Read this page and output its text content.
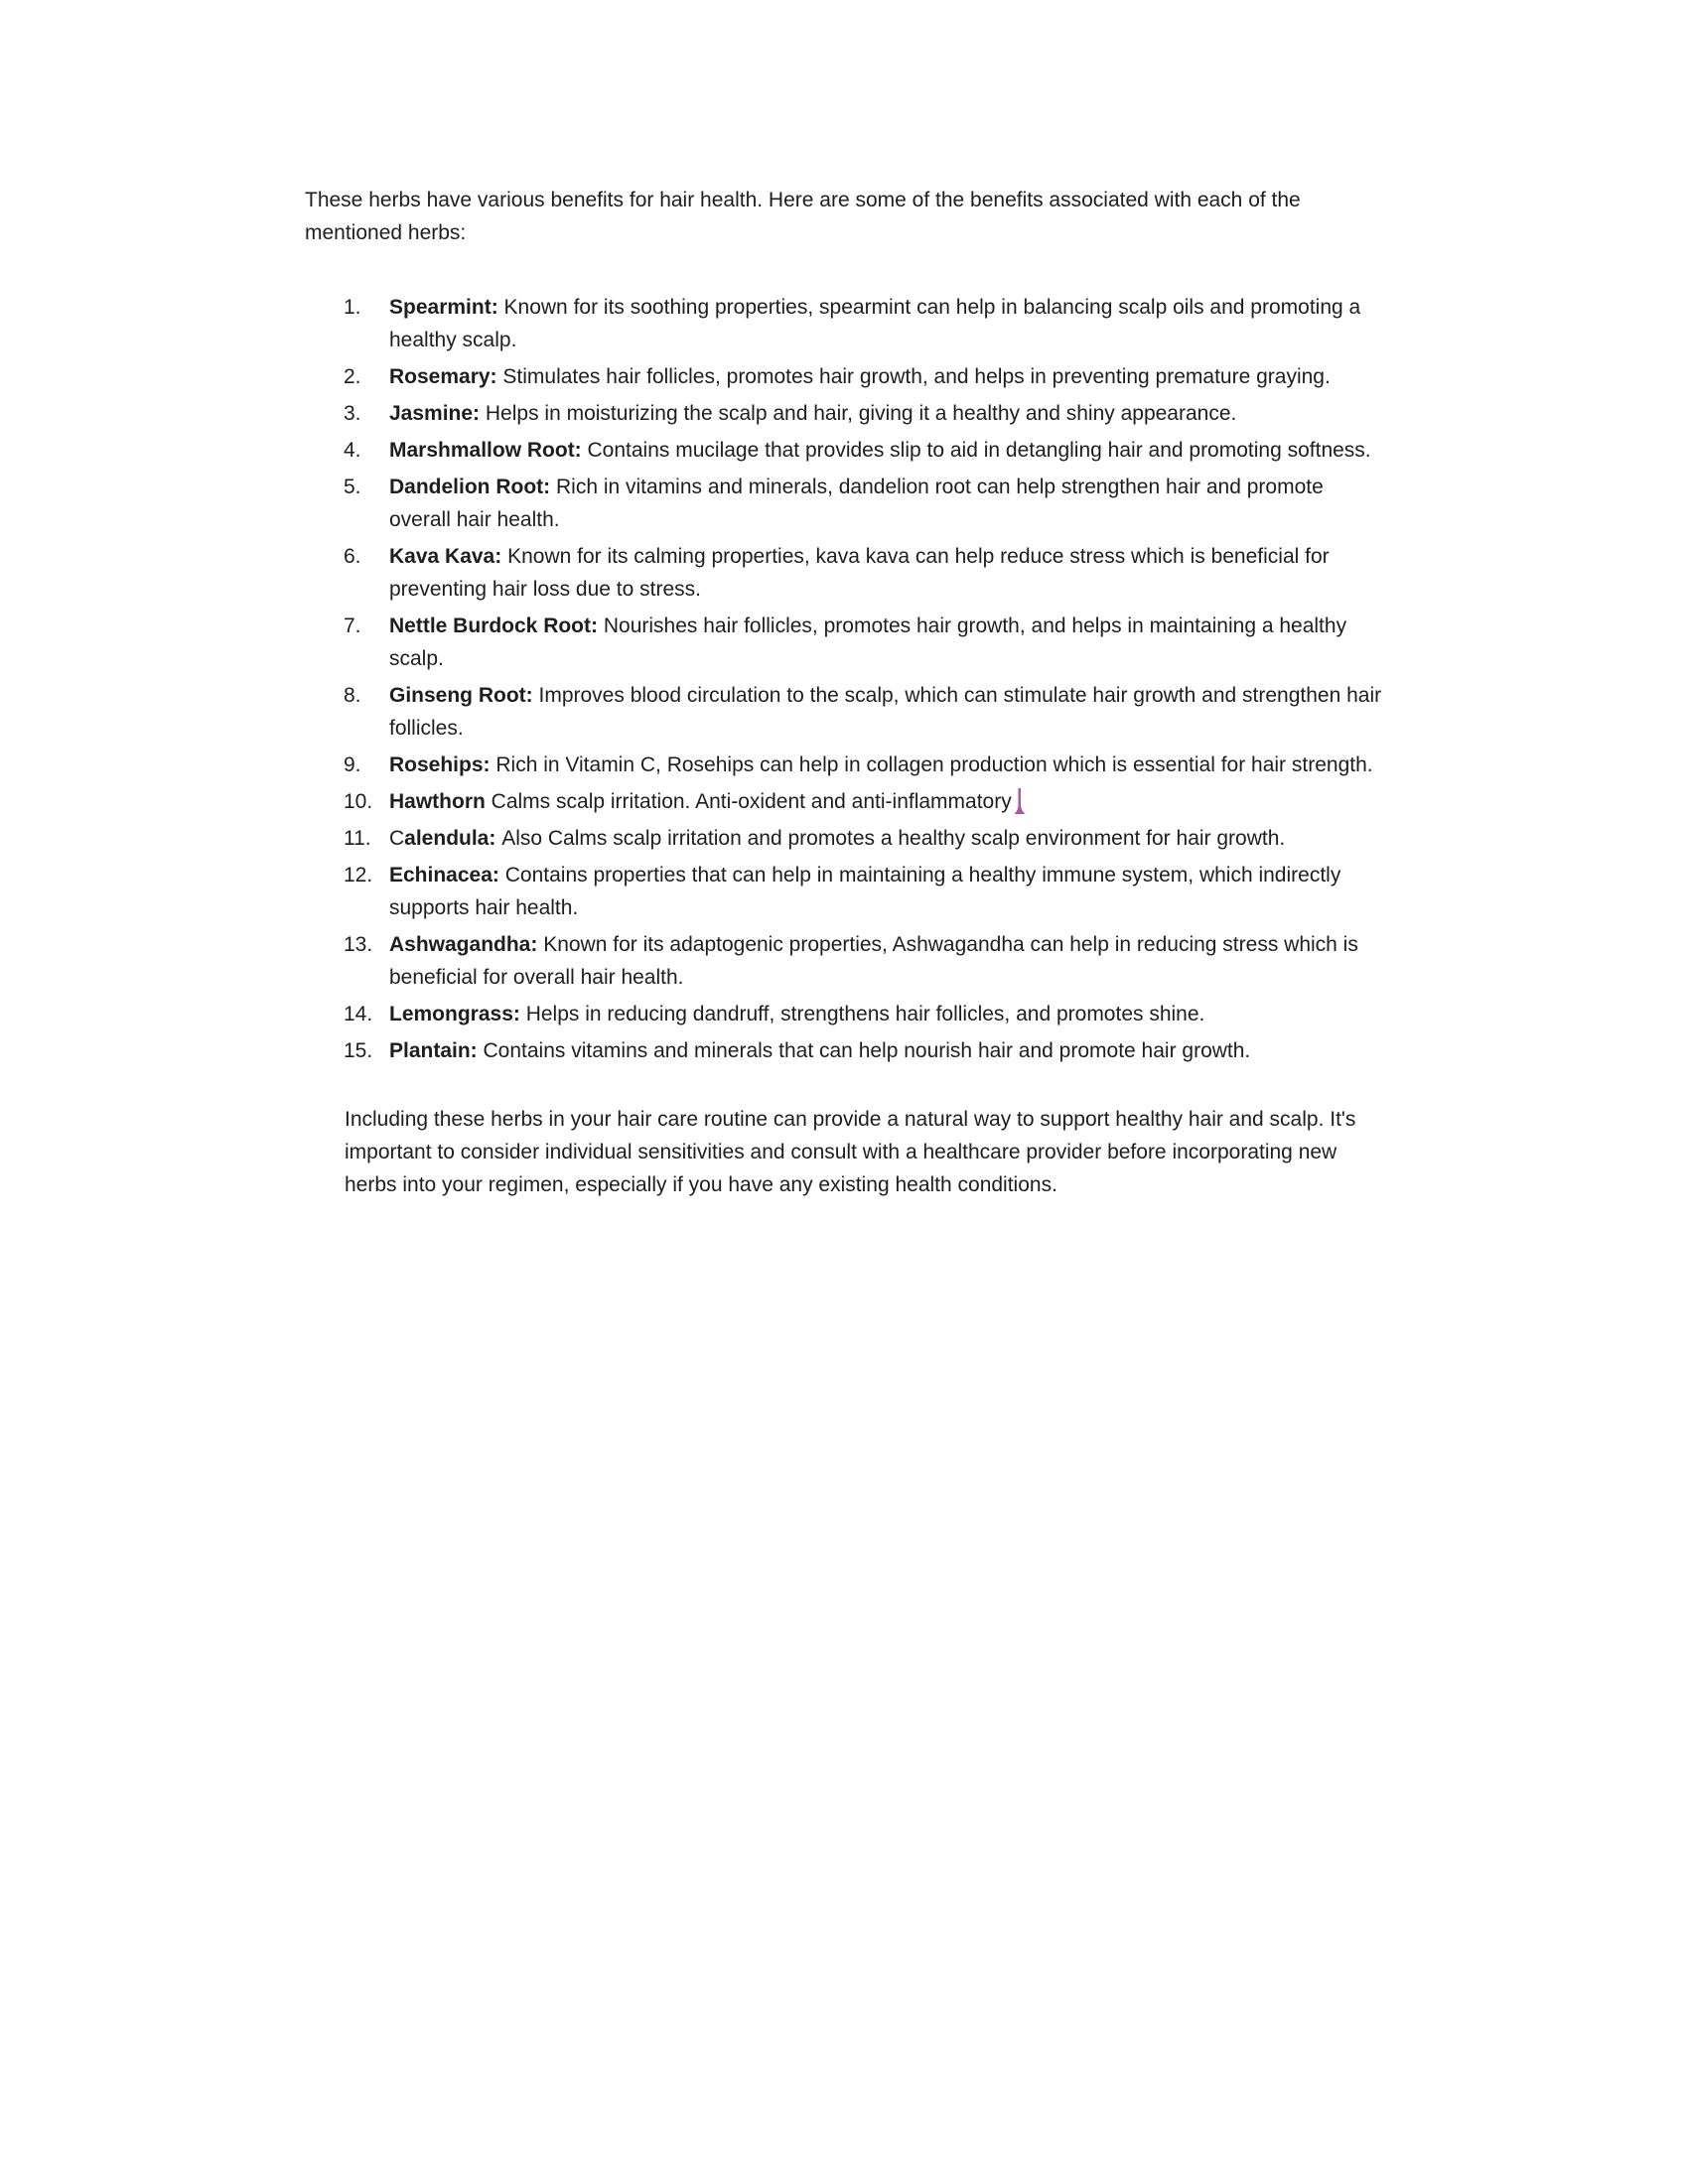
These herbs have various benefits for hair health. Here are some of the benefits associated with each of the mentioned herbs:

1.	Spearmint: Known for its soothing properties, spearmint can help in balancing scalp oils and promoting a healthy scalp.
2.	Rosemary: Stimulates hair follicles, promotes hair growth, and helps in preventing premature graying.
3.	Jasmine: Helps in moisturizing the scalp and hair, giving it a healthy and shiny appearance.
4.	Marshmallow Root: Contains mucilage that provides slip to aid in detangling hair and promoting softness.
5.	Dandelion Root: Rich in vitamins and minerals, dandelion root can help strengthen hair and promote overall hair health.
6.	Kava Kava: Known for its calming properties, kava kava can help reduce stress which is beneficial for preventing hair loss due to stress.
7.	Nettle Burdock Root: Nourishes hair follicles, promotes hair growth, and helps in maintaining a healthy scalp.
8.	Ginseng Root: Improves blood circulation to the scalp, which can stimulate hair growth and strengthen hair follicles.
9.	Rosehips: Rich in Vitamin C, Rosehips can help in collagen production which is essential for hair strength.
10. Hawthorn Calms scalp irritation. Anti-oxident and anti-inflammatory
11. Calendula: Also Calms scalp irritation and promotes a healthy scalp environment for hair growth.
12. Echinacea: Contains properties that can help in maintaining a healthy immune system, which indirectly supports hair health.
13. Ashwagandha: Known for its adaptogenic properties, Ashwagandha can help in reducing stress which is beneficial for overall hair health.
14. Lemongrass: Helps in reducing dandruff, strengthens hair follicles, and promotes shine.
15. Plantain: Contains vitamins and minerals that can help nourish hair and promote hair growth.

Including these herbs in your hair care routine can provide a natural way to support healthy hair and scalp. It's important to consider individual sensitivities and consult with a healthcare provider before incorporating new herbs into your regimen, especially if you have any existing health conditions.
